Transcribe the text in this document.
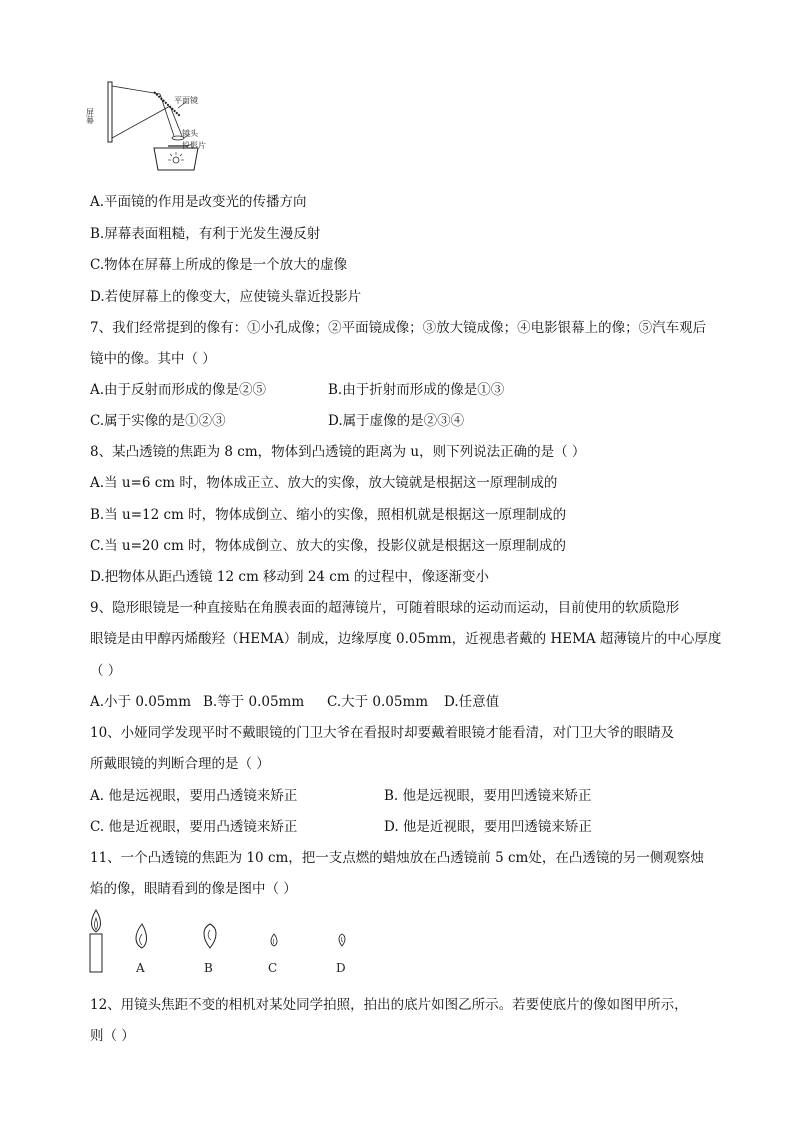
屏幕
平面镜
镜头
投影片
A.平面镜的作用是改变光的传播方向
B.屏幕表面粗糙，有利于光发生漫反射
C.物体在屏幕上所成的像是一个放大的虚像
D.若使屏幕上的像变大，应使镜头靠近投影片
7、我们经常提到的像有：①小孔成像；②平面镜成像；③放大镜成像；④电影银幕上的像；⑤汽车观后
镜中的像。其中（ ）
A.由于反射而形成的像是②⑤	B.由于折射而形成的像是①③
C.属于实像的是①②③	D.属于虚像的是②③④
8、某凸透镜的焦距为 8 cm，物体到凸透镜的距离为 u，则下列说法正确的是（ ）
A.当 u=6 cm 时，物体成正立、放大的实像，放大镜就是根据这一原理制成的
B.当 u=12 cm 时，物体成倒立、缩小的实像，照相机就是根据这一原理制成的
C.当 u=20 cm 时，物体成倒立、放大的实像，投影仪就是根据这一原理制成的
D.把物体从距凸透镜 12 cm 移动到 24 cm 的过程中，像逐渐变小
9、隐形眼镜是一种直接贴在角膜表面的超薄镜片，可随着眼球的运动而运动，目前使用的软质隐形
眼镜是由甲醇丙烯酸羟（HEMA）制成，边缘厚度 0.05mm，近视患者戴的 HEMA 超薄镜片的中心厚度
（ ）
A.小于 0.05mm B.等于 0.05mm C.大于 0.05mm D.任意值
10、小娅同学发现平时不戴眼镜的门卫大爷在看报时却要戴着眼镜才能看清，对门卫大爷的眼睛及
所戴眼镜的判断合理的是（ ）
A. 他是远视眼，要用凸透镜来矫正	B. 他是远视眼，要用凹透镜来矫正
C. 他是近视眼，要用凸透镜来矫正	D. 他是近视眼，要用凹透镜来矫正
11、一个凸透镜的焦距为 10 cm，把一支点燃的蜡烛放在凸透镜前 5 cm处，在凸透镜的另一侧观察烛
焰的像，眼睛看到的像是图中（ ）
A	B	C	D
12、用镜头焦距不变的相机对某处同学拍照，拍出的底片如图乙所示。若要使底片的像如图甲所示，
则（ ）
